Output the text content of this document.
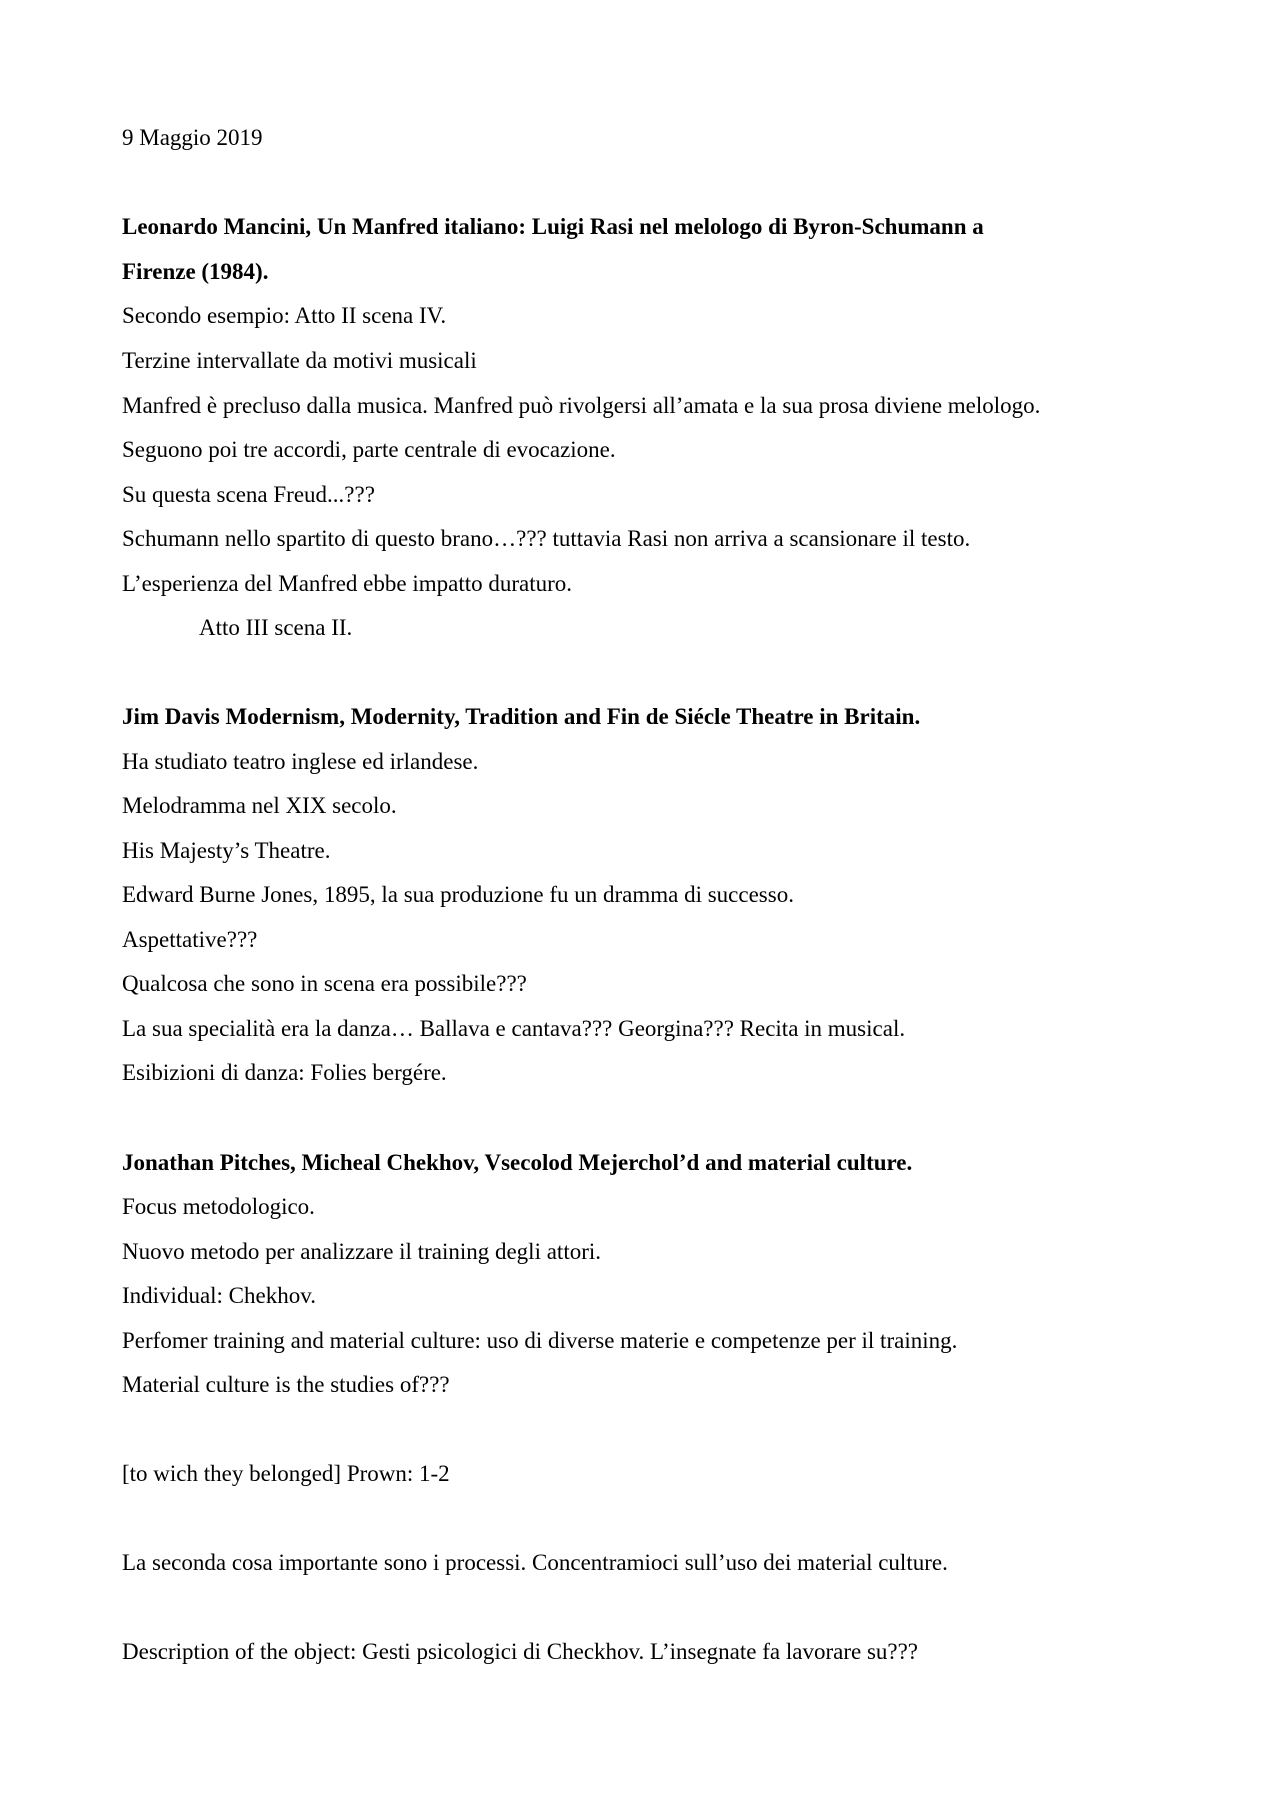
9 Maggio 2019

Leonardo Mancini, Un Manfred italiano: Luigi Rasi nel melologo di Byron-Schumann a

Firenze (1984).

Secondo esempio: Atto II scena IV.

Terzine intervallate da motivi musicali

Manfred è precluso dalla musica. Manfred può rivolgersi all’amata e la sua prosa diviene melologo.

Seguono poi tre accordi, parte centrale di evocazione.

Su questa scena Freud...???

Schumann nello spartito di questo brano…??? tuttavia Rasi non arriva a scansionare il testo.

L’esperienza del Manfred ebbe impatto duraturo.

Atto III scena II.

Jim Davis Modernism, Modernity, Tradition and Fin de Siécle Theatre in Britain.

Ha studiato teatro inglese ed irlandese.

Melodramma nel XIX secolo.

His Majesty’s Theatre.

Edward Burne Jones, 1895, la sua produzione fu un dramma di successo.

Aspettative???

Qualcosa che sono in scena era possibile???

La sua specialità era la danza… Ballava e cantava??? Georgina??? Recita in musical.

Esibizioni di danza: Folies bergére.

Jonathan Pitches, Micheal Chekhov, Vsecolod Mejerchol’d and material culture.

Focus metodologico.

Nuovo metodo per analizzare il training degli attori.

Individual: Chekhov.

Perfomer training and material culture: uso di diverse materie e competenze per il training.

Material culture is the studies of???

[to wich they belonged] Prown: 1-2

La seconda cosa importante sono i processi. Concentramioci sull’uso dei material culture.

Description of the object: Gesti psicologici di Checkhov. L’insegnate fa lavorare su???
